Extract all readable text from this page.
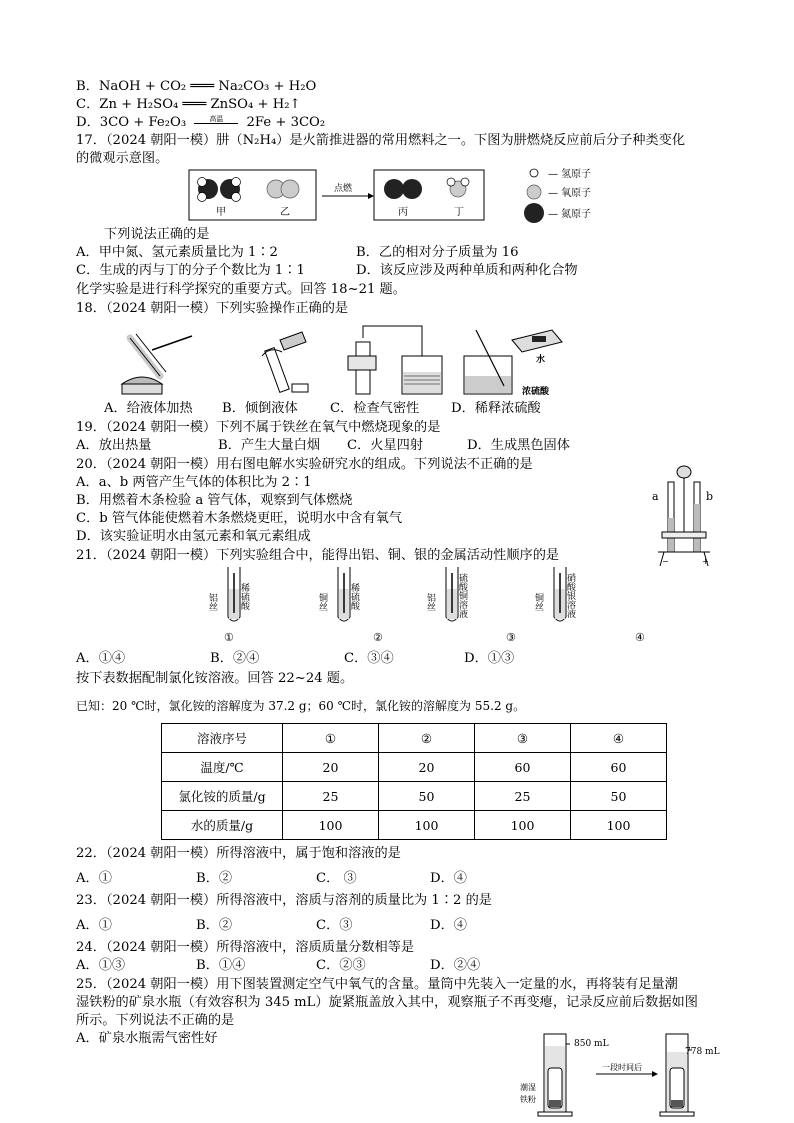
B．NaOH + CO₂ ═══ Na₂CO₃ + H₂O
C．Zn + H₂SO₄ ═══ ZnSO₄ + H₂↑
D．3CO + Fe₂O₃	$^{高温}$ 2Fe + 3CO₂
17．（2024 朝阳一模）肼（N₂H₄）是火箭推进器的常用燃料之一。下图为肼燃烧反应前后分子种类变化
的微观示意图。
甲	乙
点燃
丙	丁
— 氢原子
— 氧原子
— 氮原子
下列说法正确的是
A．甲中氮、氢元素质量比为 1∶2	B．乙的相对分子质量为 16
C．生成的丙与丁的分子个数比为 1∶1	D．该反应涉及两种单质和两种化合物
化学实验是进行科学探究的重要方式。回答 18~21 题。
18．（2024 朝阳一模）下列实验操作正确的是
水
浓硫酸
A．给液体加热 B．倾倒液体 C．检查气密性 D．稀释浓硫酸
19．（2024 朝阳一模）下列不属于铁丝在氧气中燃烧现象的是
A．放出热量	B．产生大量白烟 C．火星四射	D．生成黑色固体
20．（2024 朝阳一模）用右图电解水实验研究水的组成。下列说法不正确的是
A．a、b 两管产生气体的体积比为 2∶1
B．用燃着木条检验 a 管气体，观察到气体燃烧
C．b 管气体能使燃着木条燃烧更旺，说明水中含有氧气
D．该实验证明水由氢元素和氧元素组成
a	b
−	+
21．（2024 朝阳一模）下列实验组合中，能得出铝、铜、银的金属活动性顺序的是
铝丝 稀硫酸
①
铜丝 稀硫酸
②
铝丝 硫酸铜溶液
③
铜丝 硝酸银溶液
④
A．①④	B．②④	C．③④	D．①③
按下表数据配制氯化铵溶液。回答 22~24 题。
已知：20 ℃时，氯化铵的溶解度为 37.2 g；60 ℃时，氯化铵的溶解度为 55.2 g。
溶液序号	①	②	③	④
温度/℃	20	20	60	60
氯化铵的质量/g	25	50	25	50
水的质量/g	100	100	100	100
22．（2024 朝阳一模）所得溶液中，属于饱和溶液的是
A．①	B．②	C． ③	D．④
23．（2024 朝阳一模）所得溶液中，溶质与溶剂的质量比为 1∶2 的是
A．①	B．②	C．③	D．④
24．（2024 朝阳一模）所得溶液中，溶质质量分数相等是
A．①③	B．①④	C．②③	D．②④
25．（2024 朝阳一模）用下图装置测定空气中氧气的含量。量筒中先装入一定量的水，再将装有足量潮
湿铁粉的矿泉水瓶（有效容积为 345 mL）旋紧瓶盖放入其中，观察瓶子不再变瘪，记录反应前后数据如图
所示。下列说法不正确的是
A．矿泉水瓶需气密性好	850 mL
潮湿
铁粉
一段时间后
778 mL
